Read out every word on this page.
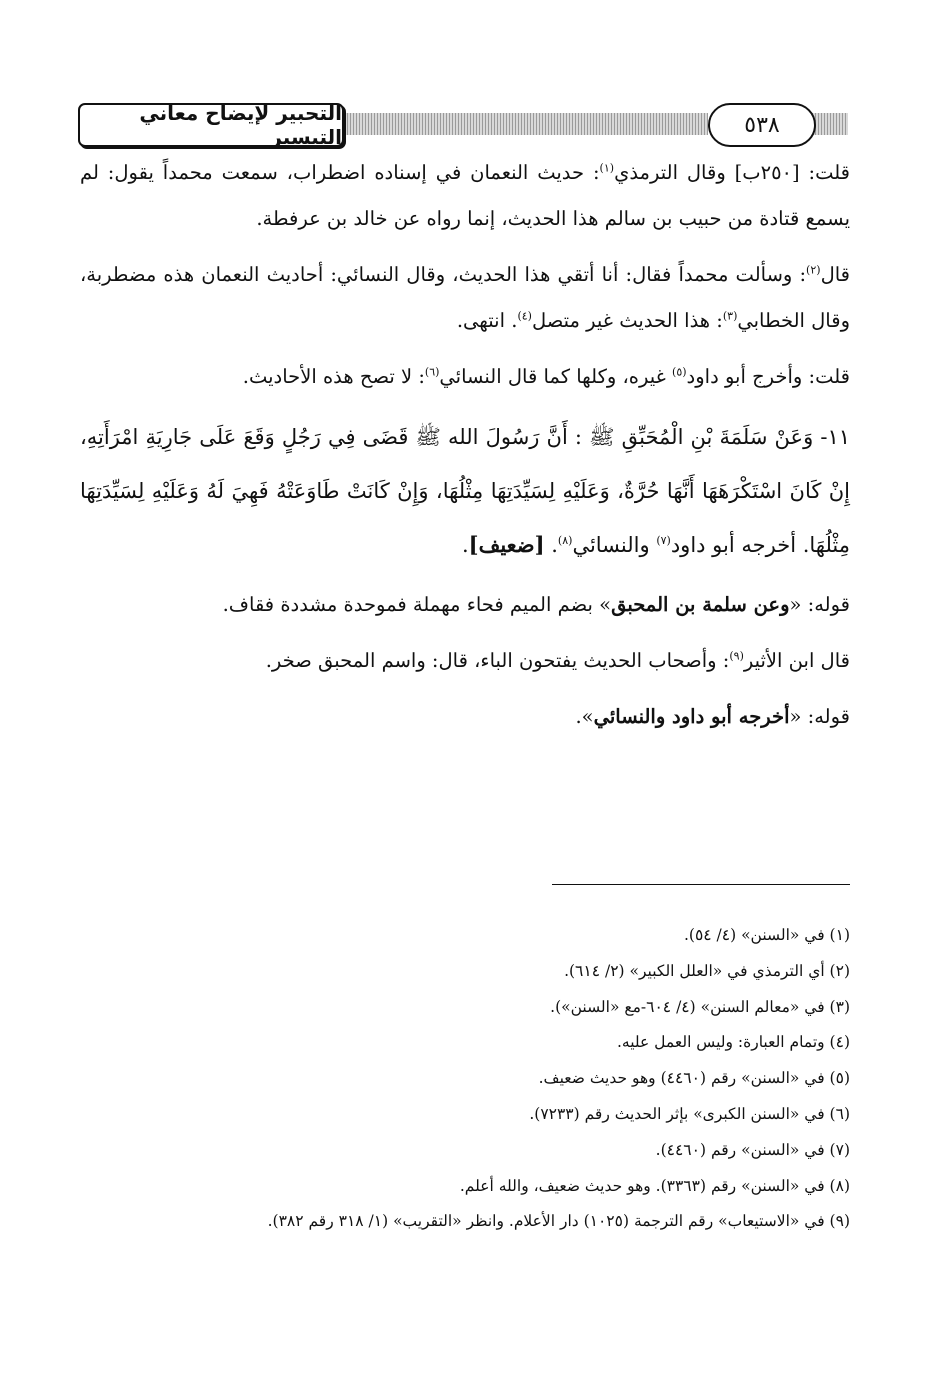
التحبير لإيضاح معاني التيسير	٥٣٨

قلت: [٢٥٠ب] وقال الترمذي$^{(١)}$: حديث النعمان في إسناده اضطراب، سمعت محمداً يقول: لم يسمع قتادة من حبيب بن سالم هذا الحديث، إنما رواه عن خالد بن عرفطة.

قال$^{(٢)}$: وسألت محمداً فقال: أنا أتقي هذا الحديث، وقال النسائي: أحاديث النعمان هذه مضطربة، وقال الخطابي$^{(٣)}$: هذا الحديث غير متصل$^{(٤)}$. انتهى.

قلت: وأخرج أبو داود$^{(٥)}$ غيره، وكلها كما قال النسائي$^{(٦)}$: لا تصح هذه الأحاديث.

١١- وَعَنْ سَلَمَةَ بْنِ الْمُحَبِّقِ ﷺ : أَنَّ رَسُولَ الله ﷺ قَضَى فِي رَجُلٍ وَقَعَ عَلَى جَارِيَةِ امْرَأَتِهِ، إِنْ كَانَ اسْتَكْرَهَهَا أَنَّهَا حُرَّةٌ، وَعَلَيْهِ لِسَيِّدَتِهَا مِثْلُهَا، وَإِنْ كَانَتْ طَاوَعَتْهُ فَهِيَ لَهُ وَعَلَيْهِ لِسَيِّدَتِهَا مِثْلُهَا. أخرجه أبو داود$^{(٧)}$ والنسائي$^{(٨)}$. [ضعيف].

قوله: «وعن سلمة بن المحبق» بضم الميم فحاء مهملة فموحدة مشددة فقاف.

قال ابن الأثير$^{(٩)}$: وأصحاب الحديث يفتحون الباء، قال: واسم المحبق صخر.

قوله: «أخرجه أبو داود والنسائي».

(١) في «السنن» (٤/ ٥٤).

(٢) أي الترمذي في «العلل الكبير» (٢/ ٦١٤).

(٣) في «معالم السنن» (٤/ ٦٠٤-مع «السنن»).

(٤) وتمام العبارة: وليس العمل عليه.

(٥) في «السنن» رقم (٤٤٦٠) وهو حديث ضعيف.

(٦) في «السنن الكبرى» بإثر الحديث رقم (٧٢٣٣).

(٧) في «السنن» رقم (٤٤٦٠).

(٨) في «السنن» رقم (٣٣٦٣). وهو حديث ضعيف، والله أعلم.

(٩) في «الاستيعاب» رقم الترجمة (١٠٢٥) دار الأعلام. وانظر «التقريب» (١/ ٣١٨ رقم ٣٨٢).
